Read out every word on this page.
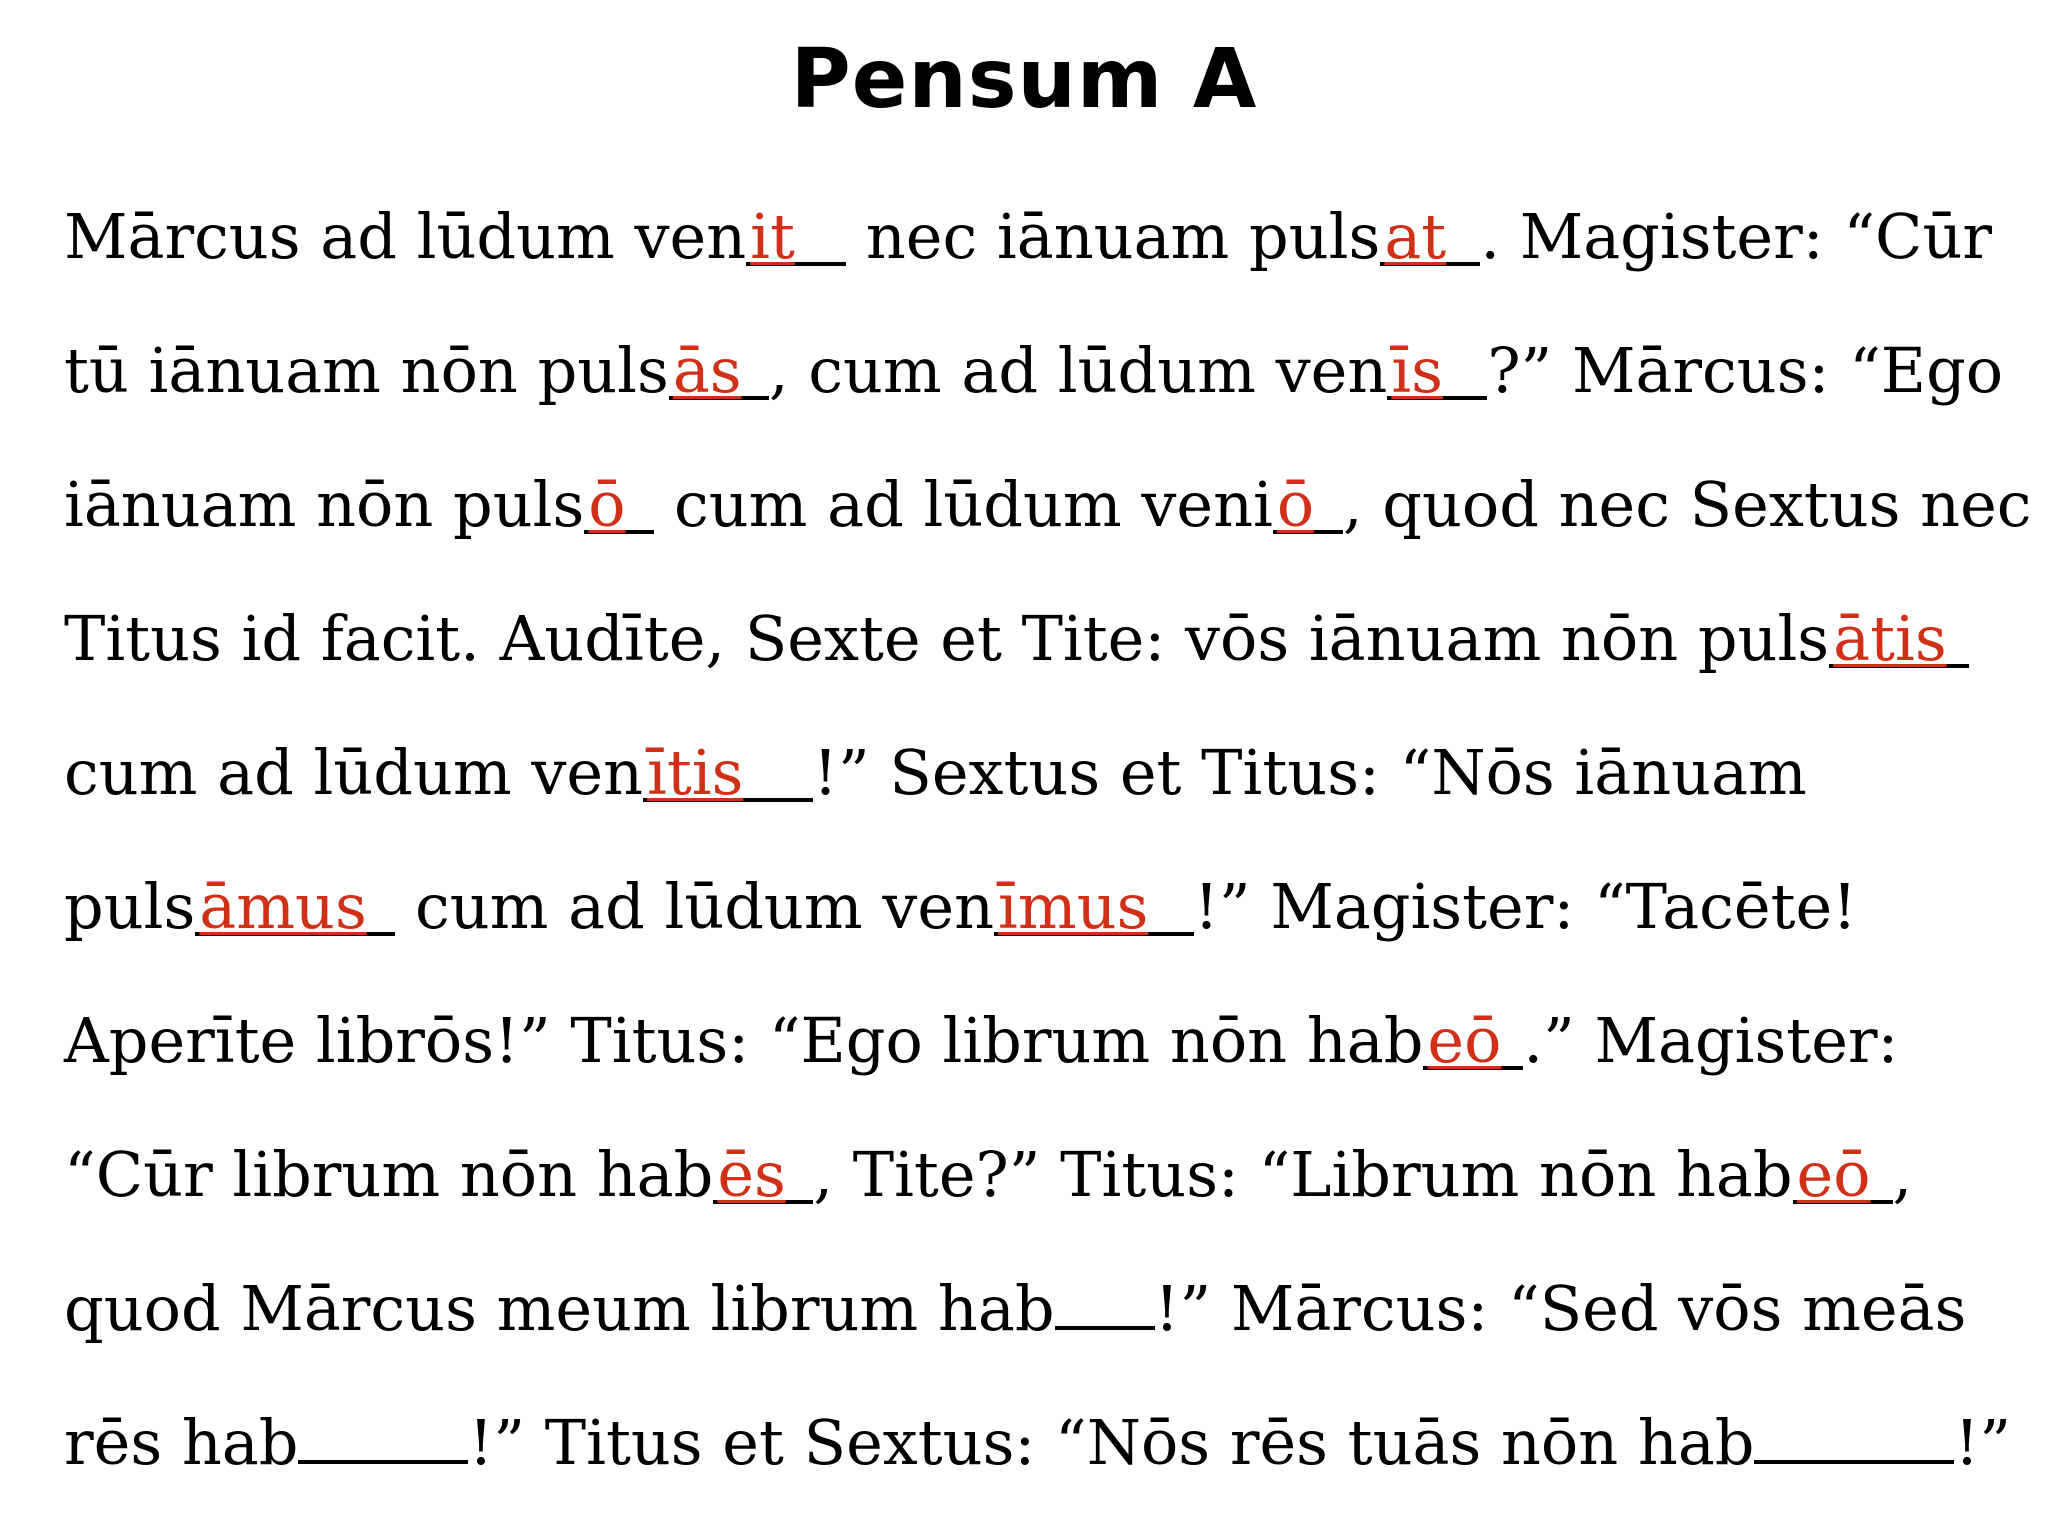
Pensum A
Mārcus ad lūdum venit nec iānuam pulsat . Magister: “Cūr
tū iānuam nōn pulsās , cum ad lūdum venīs ?” Mārcus: “Ego
iānuam nōn pulsō cum ad lūdum veniō , quod nec Sextus nec
Titus id facit. Audīte, Sexte et Tite: vōs iānuam nōn pulsātis
cum ad lūdum venītis !” Sextus et Titus: “Nōs iānuam
pulsāmus cum ad lūdum venīmus !” Magister: “Tacēte!
Aperīte librōs!” Titus: “Ego librum nōn habeō .” Magister:
“Cūr librum nōn habēs , Tite?” Titus: “Librum nōn habeō ,
quod Mārcus meum librum hab !” Mārcus: “Sed vōs meās
rēs hab	!” Titus et Sextus: “Nōs rēs tuās nōn hab	!”
